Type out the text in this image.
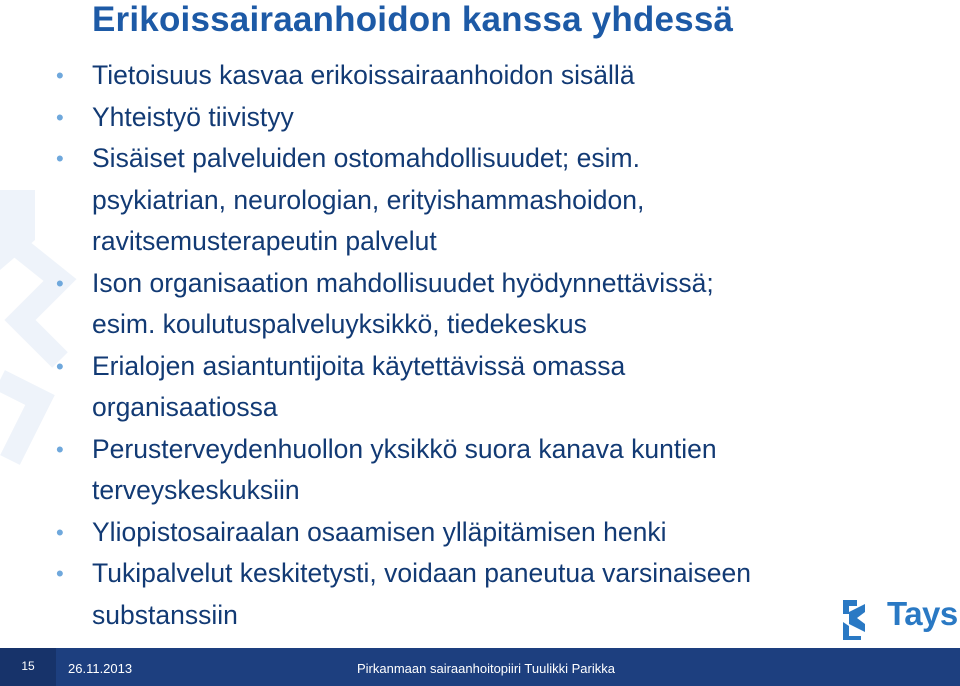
Erikoissairaanhoidon kanssa yhdessä
• Tietoisuus kasvaa erikoissairaanhoidon sisällä
• Yhteistyö tiivistyy
• Sisäiset palveluiden ostomahdollisuudet; esim.
psykiatrian, neurologian, erityishammashoidon,
ravitsemusterapeutin palvelut
• Ison organisaation mahdollisuudet hyödynnettävissä;
esim. koulutuspalveluyksikkö, tiedekeskus
• Erialojen asiantuntijoita käytettävissä omassa
organisaatiossa
• Perusterveydenhuollon yksikkö suora kanava kuntien
terveyskeskuksiin
• Yliopistosairaalan osaamisen ylläpitämisen henki
• Tukipalvelut keskitetysti, voidaan paneutua varsinaiseen
substanssiin	Tays
15	26.11.2013	Pirkanmaan sairaanhoitopiiri Tuulikki Parikka
